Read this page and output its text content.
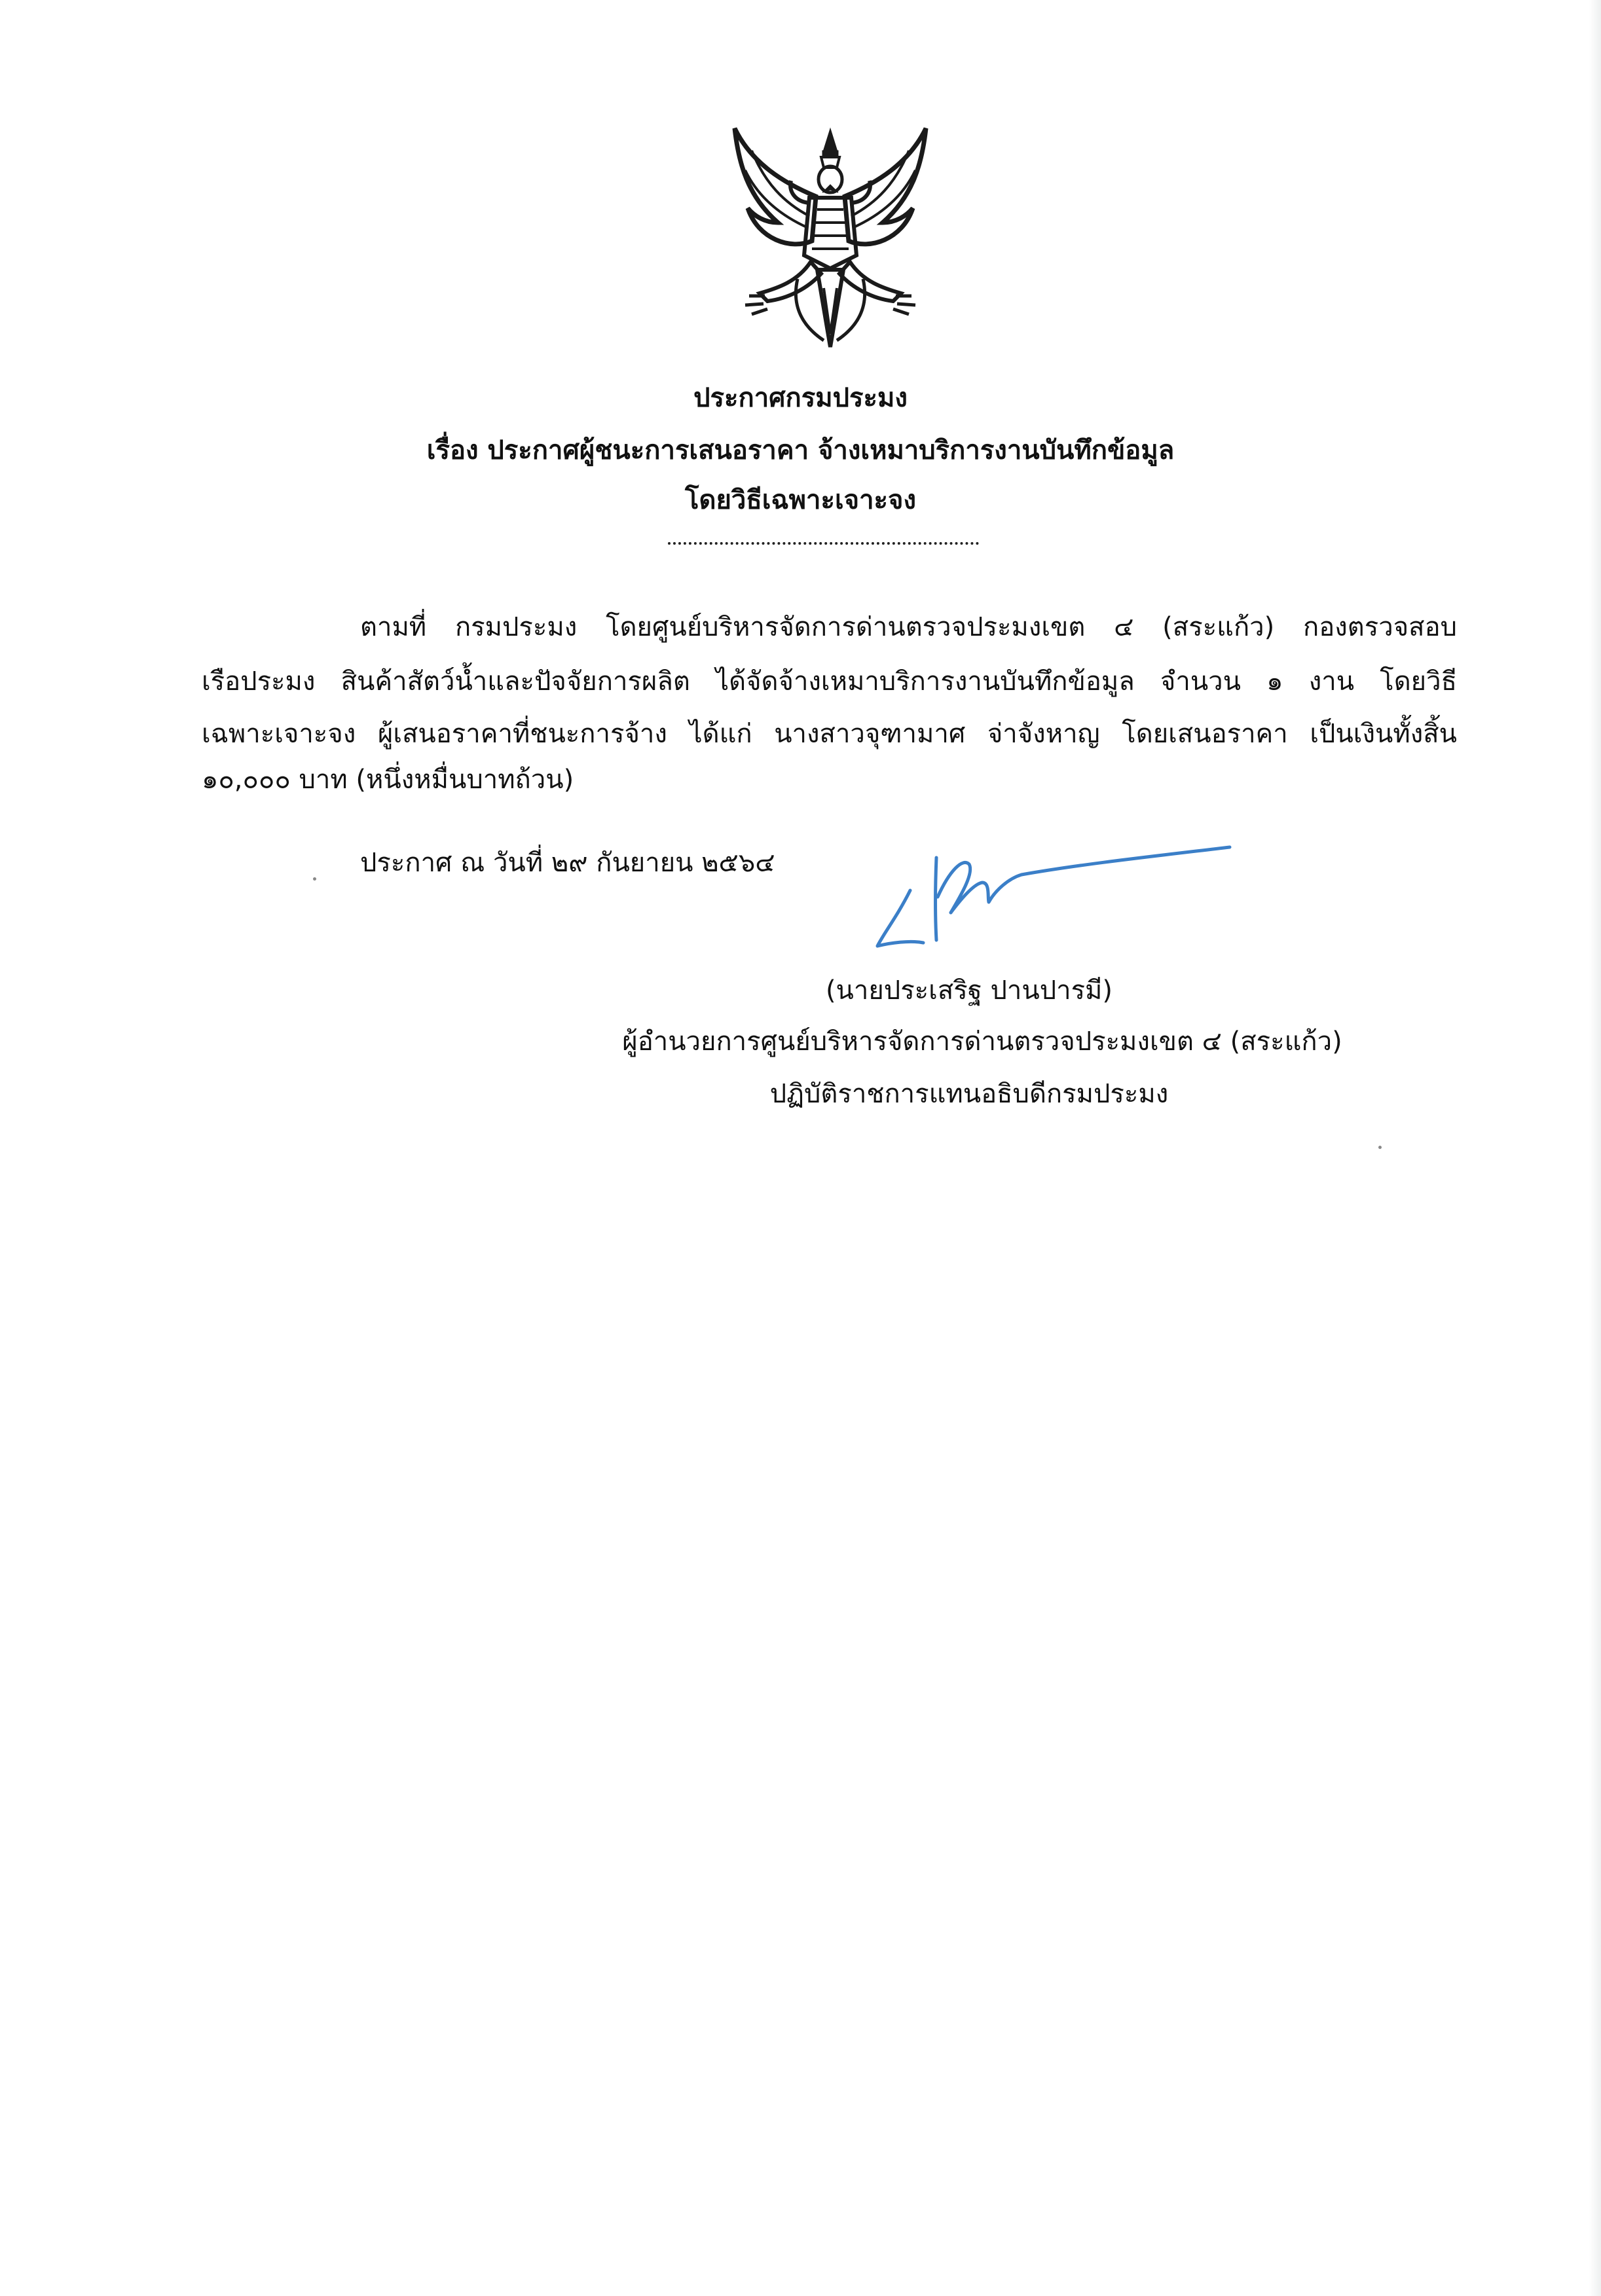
ประกาศกรมประมง
เรื่อง ประกาศผู้ชนะการเสนอราคา จ้างเหมาบริการงานบันทึกข้อมูล
โดยวิธีเฉพาะเจาะจง
ตามที่ กรมประมง โดยศูนย์บริหารจัดการด่านตรวจประมงเขต ๔ (สระแก้ว) กองตรวจสอบ
เรือประมง สินค้าสัตว์น้ำและปัจจัยการผลิต ได้จัดจ้างเหมาบริการงานบันทึกข้อมูล จำนวน ๑ งาน โดยวิธี
เฉพาะเจาะจง ผู้เสนอราคาที่ชนะการจ้าง ได้แก่ นางสาวจุฑามาศ จ่าจังหาญ โดยเสนอราคา เป็นเงินทั้งสิ้น
๑๐,๐๐๐ บาท (หนึ่งหมื่นบาทถ้วน)
ประกาศ ณ วันที่ ๒๙ กันยายน ๒๕๖๔
(นายประเสริฐ ปานปารมี)
ผู้อำนวยการศูนย์บริหารจัดการด่านตรวจประมงเขต ๔ (สระแก้ว)
ปฏิบัติราชการแทนอธิบดีกรมประมง
